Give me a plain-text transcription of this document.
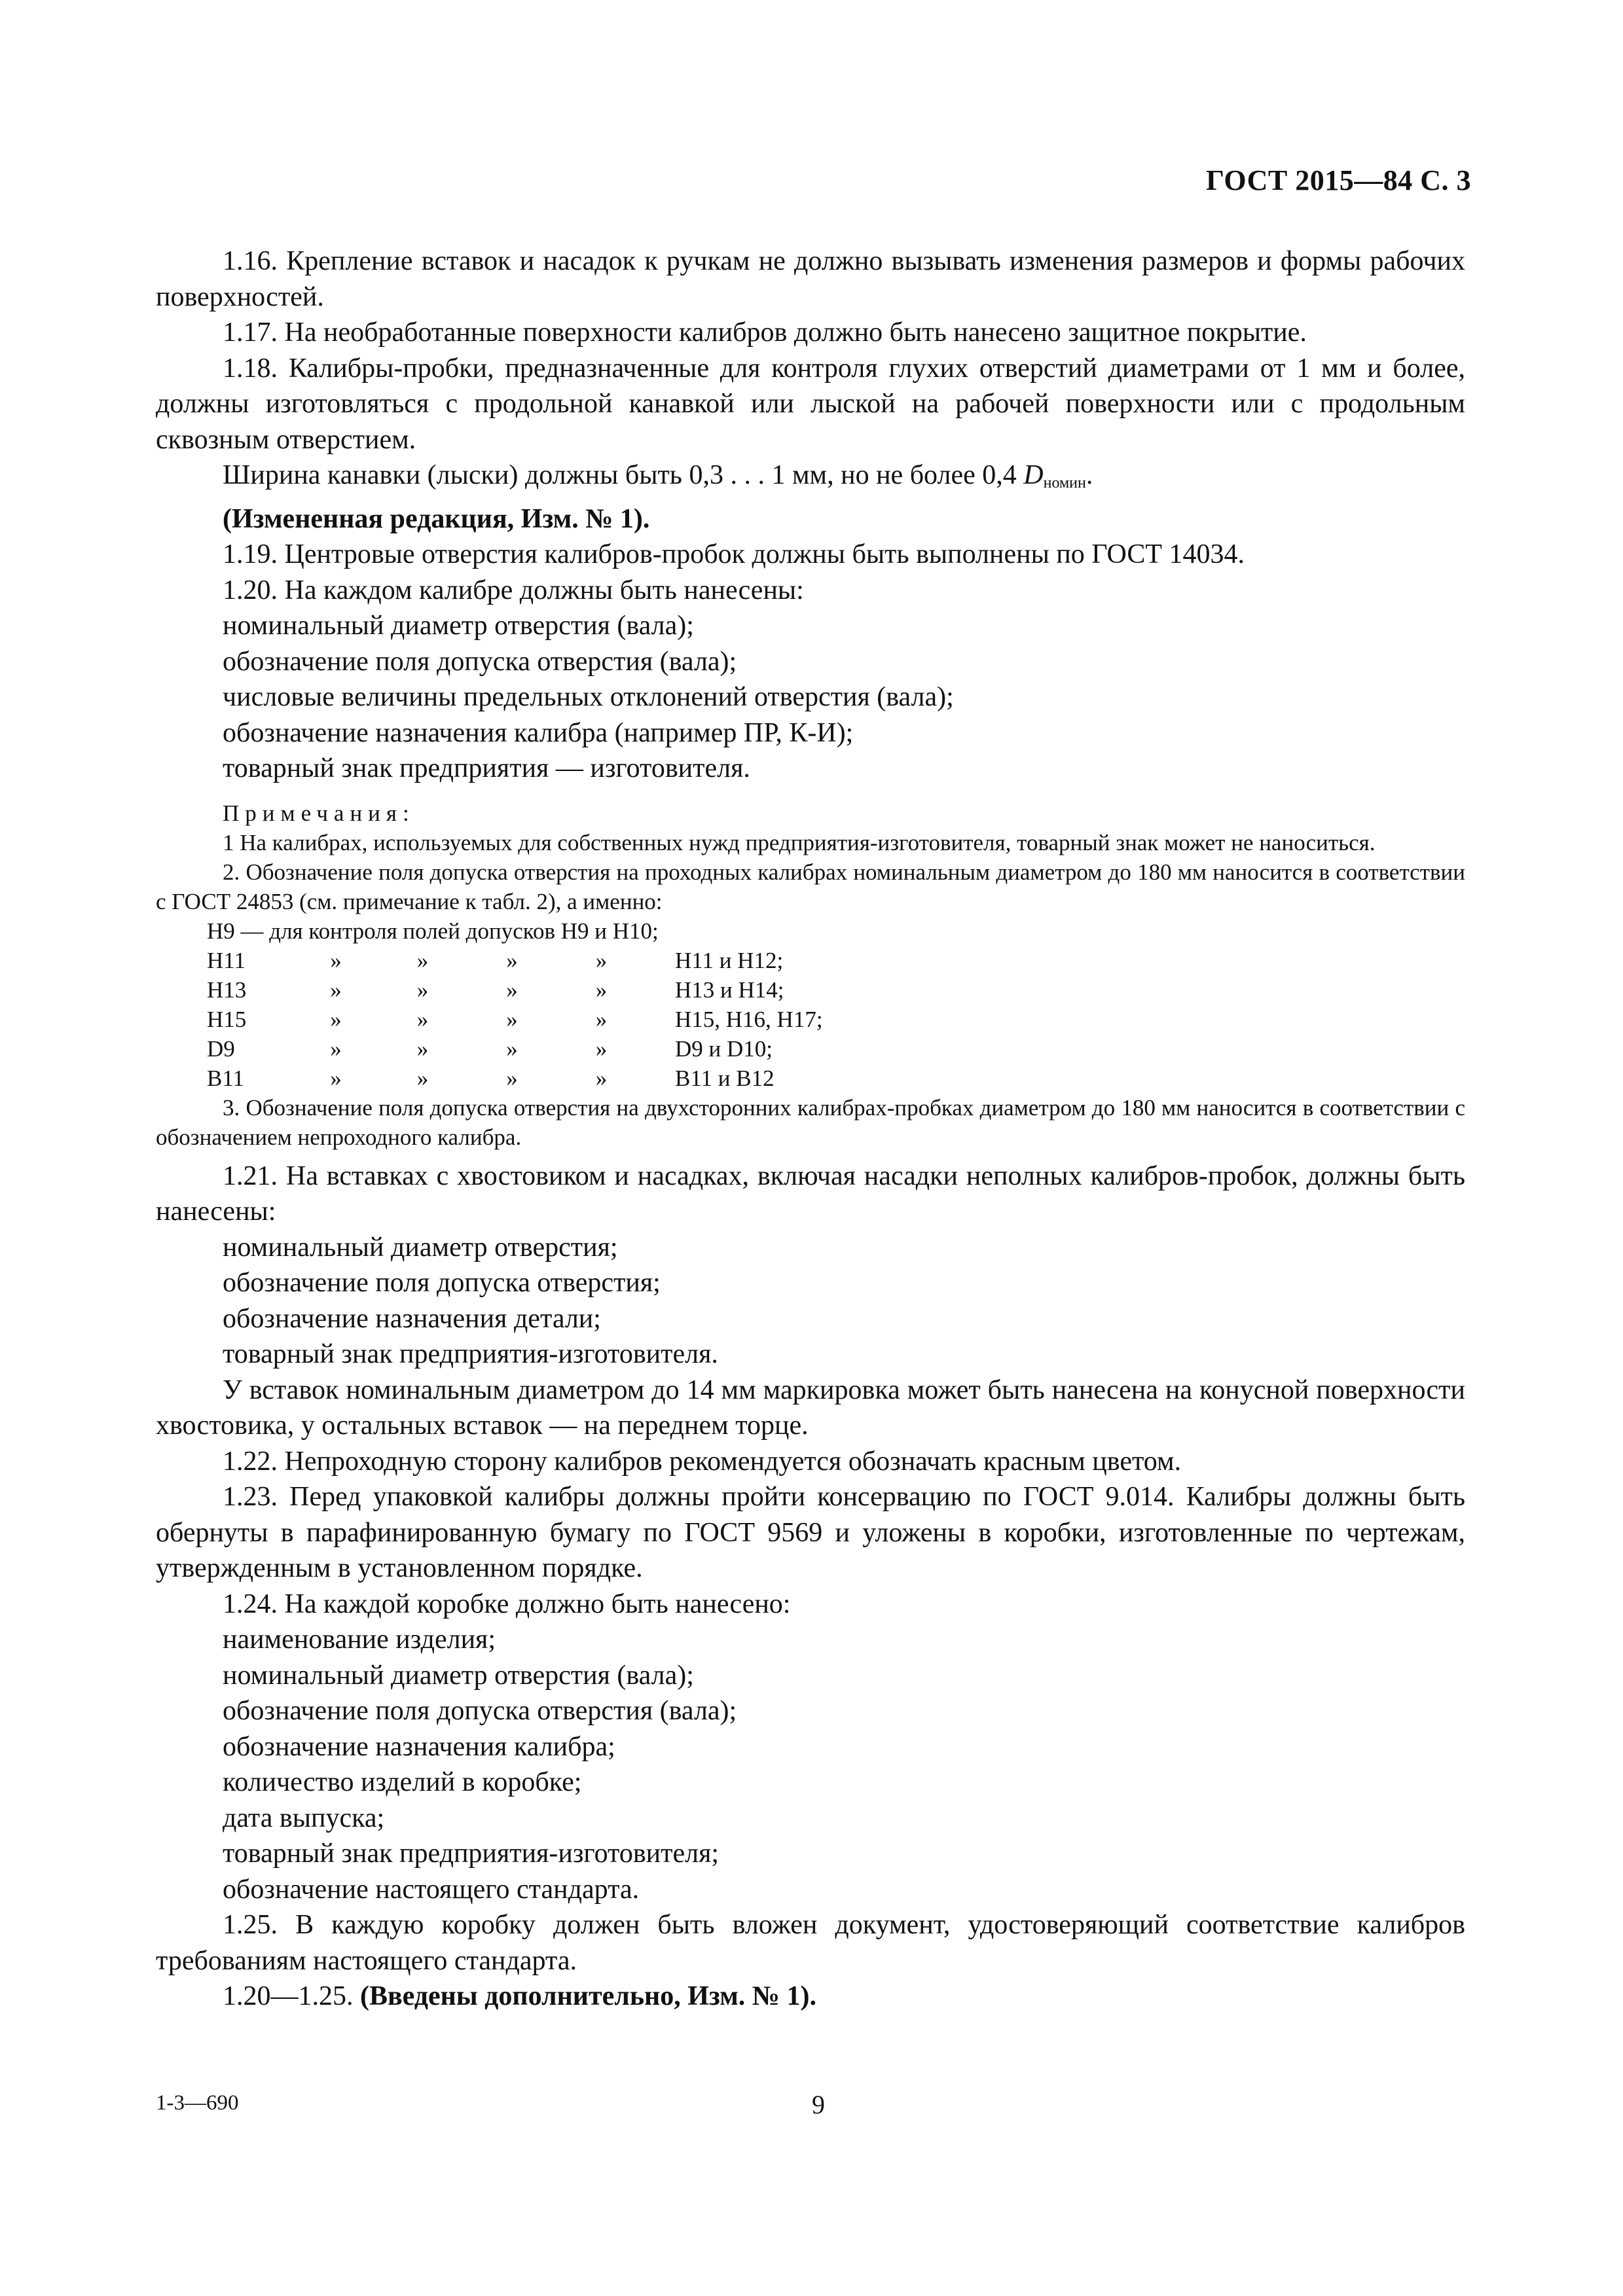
ГОСТ 2015—84 С. 3

1.16. Крепление вставок и насадок к ручкам не должно вызывать изменения размеров и формы рабочих поверхностей.

1.17. На необработанные поверхности калибров должно быть нанесено защитное покрытие.

1.18. Калибры-пробки, предназначенные для контроля глухих отверстий диаметрами от 1 мм и более, должны изготовляться с продольной канавкой или лыской на рабочей поверхности или с продольным сквозным отверстием.

Ширина канавки (лыски) должны быть 0,3 . . . 1 мм, но не более 0,4 $D_{номин}$.

(Измененная редакция, Изм. № 1).

1.19. Центровые отверстия калибров-пробок должны быть выполнены по ГОСТ 14034.

1.20. На каждом калибре должны быть нанесены:

номинальный диаметр отверстия (вала);

обозначение поля допуска отверстия (вала);

числовые величины предельных отклонений отверстия (вала);

обозначение назначения калибра (например ПР, К-И);

товарный знак предприятия — изготовителя.

Примечания:

1 На калибрах, используемых для собственных нужд предприятия-изготовителя, товарный знак может не наноситься.

2. Обозначение поля допуска отверстия на проходных калибрах номинальным диаметром до 180 мм наносится в соответствии с ГОСТ 24853 (см. примечание к табл. 2), а именно:

Н9 — для контроля полей допусков Н9 и Н10;

Н11	»	»	»	»	Н11 и Н12;
Н13	»	»	»	»	Н13 и Н14;
Н15	»	»	»	»	Н15, Н16, Н17;
D9	»	»	»	»	D9 и D10;
В11	»	»	»	»	В11 и В12

3. Обозначение поля допуска отверстия на двухсторонних калибрах-пробках диаметром до 180 мм наносится в соответствии с обозначением непроходного калибра.

1.21. На вставках с хвостовиком и насадках, включая насадки неполных калибров-пробок, должны быть нанесены:

номинальный диаметр отверстия;

обозначение поля допуска отверстия;

обозначение назначения детали;

товарный знак предприятия-изготовителя.

У вставок номинальным диаметром до 14 мм маркировка может быть нанесена на конусной поверхности хвостовика, у остальных вставок — на переднем торце.

1.22. Непроходную сторону калибров рекомендуется обозначать красным цветом.

1.23. Перед упаковкой калибры должны пройти консервацию по ГОСТ 9.014. Калибры должны быть обернуты в парафинированную бумагу по ГОСТ 9569 и уложены в коробки, изготовленные по чертежам, утвержденным в установленном порядке.

1.24. На каждой коробке должно быть нанесено:

наименование изделия;

номинальный диаметр отверстия (вала);

обозначение поля допуска отверстия (вала);

обозначение назначения калибра;

количество изделий в коробке;

дата выпуска;

товарный знак предприятия-изготовителя;

обозначение настоящего стандарта.

1.25. В каждую коробку должен быть вложен документ, удостоверяющий соответствие калибров требованиям настоящего стандарта.

1.20—1.25. (Введены дополнительно, Изм. № 1).

1-3—690	9
